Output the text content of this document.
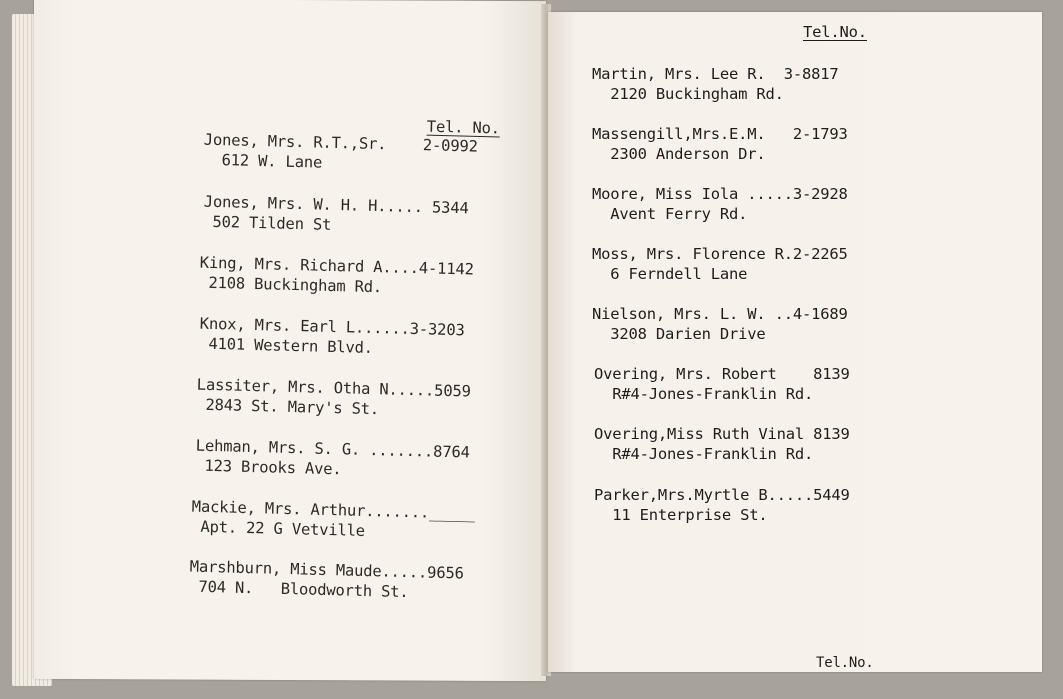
Tel. No.
Jones, Mrs. R.T.,Sr.    2-0992
612 W. Lane
Jones, Mrs. W. H. H..... 5344
502 Tilden St
King, Mrs. Richard A....4-1142
2108 Buckingham Rd.
Knox, Mrs. Earl L......3-3203
4101 Western Blvd.
Lassiter, Mrs. Otha N.....5059
2843 St. Mary's St.
Lehman, Mrs. S. G. .......8764
123 Brooks Ave.
Mackie, Mrs. Arthur......._____
Apt. 22 G Vetville
Marshburn, Miss Maude.....9656
704 N.   Bloodworth St.
Tel.No.
Martin, Mrs. Lee R.  3-8817
2120 Buckingham Rd.
Massengill,Mrs.E.M.   2-1793
2300 Anderson Dr.
Moore, Miss Iola .....3-2928
Avent Ferry Rd.
Moss, Mrs. Florence R.2-2265
6 Ferndell Lane
Nielson, Mrs. L. W. ..4-1689
3208 Darien Drive
Overing, Mrs. Robert    8139
R#4-Jones-Franklin Rd.
Overing,Miss Ruth Vinal 8139
R#4-Jones-Franklin Rd.
Parker,Mrs.Myrtle B.....5449
11 Enterprise St.
Tel.No.
